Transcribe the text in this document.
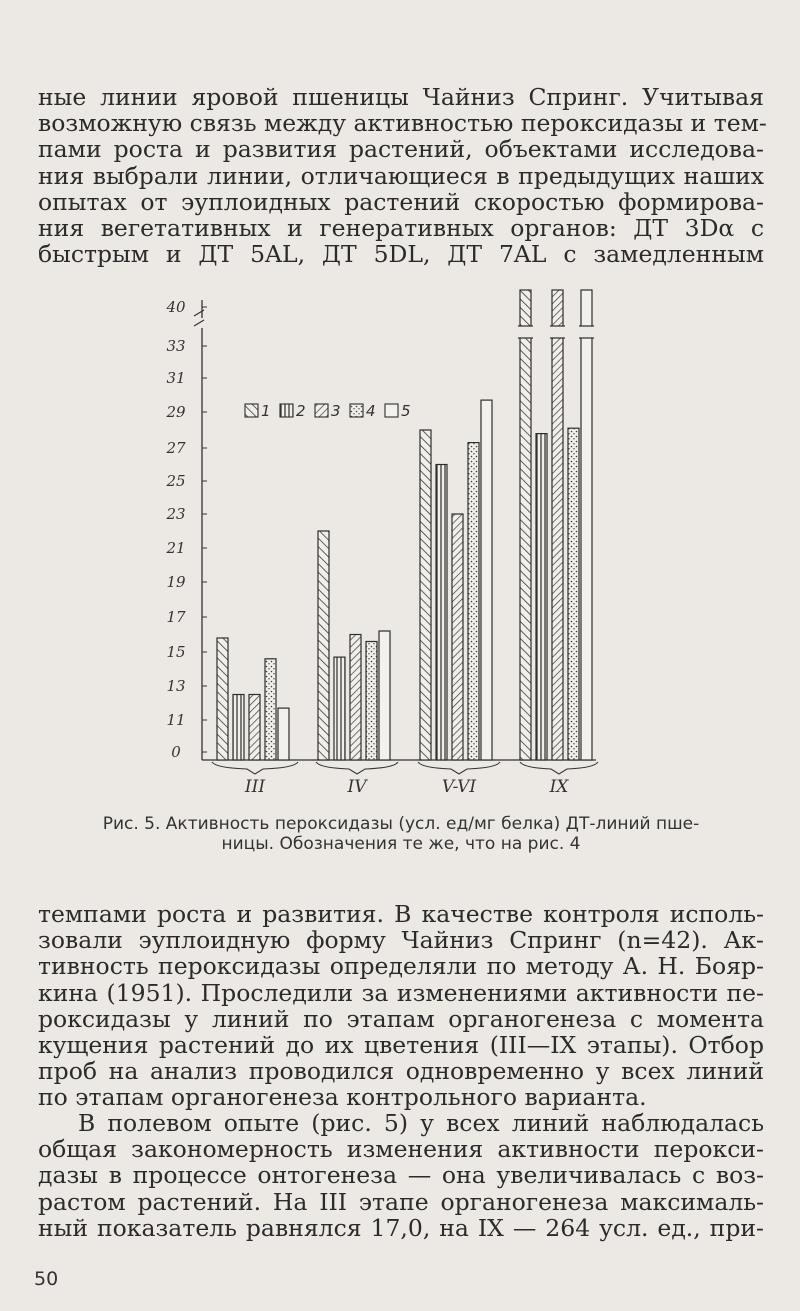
ные линии яровой пшеницы Чайниз Спринг. Учитывая
возможную связь между активностью пероксидазы и тем-
пами роста и развития растений, объектами исследова-
ния выбрали линии, отличающиеся в предыдущих наших
опытах от эуплоидных растений скоростью формирова-
ния вегетативных и генеративных органов: ДТ 3Dα с
быстрым и ДТ 5AL, ДТ 5DL, ДТ 7AL с замедленным
0
11
13
15
17
19
21
23
25
27
29
31
33
40
1 2 3 4 5
III	IV	V-VI	IX
Рис. 5. Активность пероксидазы (усл. ед/мг белка) ДТ-линий пше-
ницы. Обозначения те же, что на рис. 4
темпами роста и развития. В качестве контроля исполь-
зовали эуплоидную форму Чайниз Спринг (n=42). Ак-
тивность пероксидазы определяли по методу А. Н. Бояр-
кина (1951). Проследили за изменениями активности пе-
роксидазы у линий по этапам органогенеза с момента
кущения растений до их цветения (III—IX этапы). Отбор
проб на анализ проводился одновременно у всех линий
по этапам органогенеза контрольного варианта.
В полевом опыте (рис. 5) у всех линий наблюдалась
общая закономерность изменения активности перокси-
дазы в процессе онтогенеза — она увеличивалась с воз-
растом растений. На III этапе органогенеза максималь-
ный показатель равнялся 17,0, на IX — 264 усл. ед., при-
50
